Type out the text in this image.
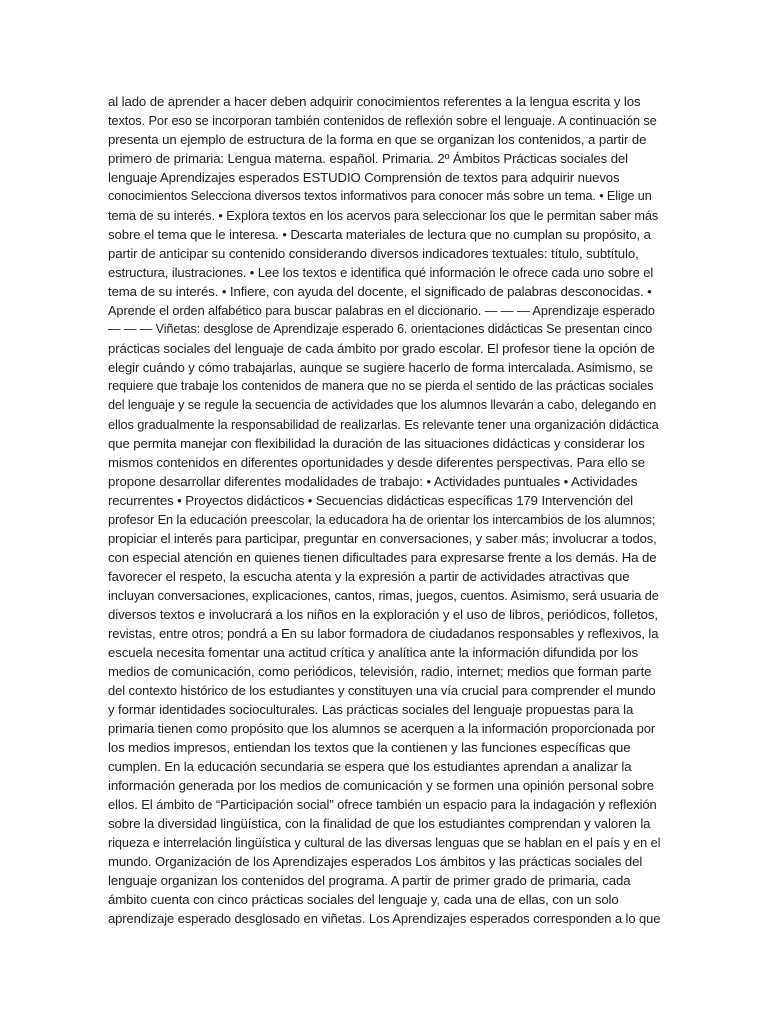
al lado de aprender a hacer deben adquirir conocimientos referentes a la lengua escrita y los
textos. Por eso se incorporan también contenidos de reflexión sobre el lenguaje. A continuación se
presenta un ejemplo de estructura de la forma en que se organizan los contenidos, a partir de
primero de primaria: Lengua materna. español. Primaria. 2º Ámbitos Prácticas sociales del
lenguaje Aprendizajes esperados ESTUDIO Comprensión de textos para adquirir nuevos
conocimientos Selecciona diversos textos informativos para conocer más sobre un tema. • Elige un
tema de su interés. • Explora textos en los acervos para seleccionar los que le permitan saber más
sobre el tema que le interesa. • Descarta materiales de lectura que no cumplan su propósito, a
partir de anticipar su contenido considerando diversos indicadores textuales: título, subtítulo,
estructura, ilustraciones. • Lee los textos e identifica qué información le ofrece cada uno sobre el
tema de su interés. • Infiere, con ayuda del docente, el significado de palabras desconocidas. •
Aprende el orden alfabético para buscar palabras en el diccionario. — — — Aprendizaje esperado
— — — Viñetas: desglose de Aprendizaje esperado 6. orientaciones didácticas Se presentan cinco
prácticas sociales del lenguaje de cada ámbito por grado escolar. El profesor tiene la opción de
elegir cuándo y cómo trabajarlas, aunque se sugiere hacerlo de forma intercalada. Asimismo, se
requiere que trabaje los contenidos de manera que no se pierda el sentido de las prácticas sociales
del lenguaje y se regule la secuencia de actividades que los alumnos llevarán a cabo, delegando en
ellos gradualmente la responsabilidad de realizarlas. Es relevante tener una organización didáctica
que permita manejar con flexibilidad la duración de las situaciones didácticas y considerar los
mismos contenidos en diferentes oportunidades y desde diferentes perspectivas. Para ello se
propone desarrollar diferentes modalidades de trabajo: • Actividades puntuales • Actividades
recurrentes • Proyectos didácticos • Secuencias didácticas específicas 179 Intervención del
profesor En la educación preescolar, la educadora ha de orientar los intercambios de los alumnos;
propiciar el interés para participar, preguntar en conversaciones, y saber más; involucrar a todos,
con especial atención en quienes tienen dificultades para expresarse frente a los demás. Ha de
favorecer el respeto, la escucha atenta y la expresión a partir de actividades atractivas que
incluyan conversaciones, explicaciones, cantos, rimas, juegos, cuentos. Asimismo, será usuaria de
diversos textos e involucrará a los niños en la exploración y el uso de libros, periódicos, folletos,
revistas, entre otros; pondrá a En su labor formadora de ciudadanos responsables y reflexivos, la
escuela necesita fomentar una actitud crítica y analítica ante la información difundida por los
medios de comunicación, como periódicos, televisión, radio, internet; medios que forman parte
del contexto histórico de los estudiantes y constituyen una vía crucial para comprender el mundo
y formar identidades socioculturales. Las prácticas sociales del lenguaje propuestas para la
primaria tienen como propósito que los alumnos se acerquen a la información proporcionada por
los medios impresos, entiendan los textos que la contienen y las funciones específicas que
cumplen. En la educación secundaria se espera que los estudiantes aprendan a analizar la
información generada por los medios de comunicación y se formen una opinión personal sobre
ellos. El ámbito de “Participación social” ofrece también un espacio para la indagación y reflexión
sobre la diversidad lingüística, con la finalidad de que los estudiantes comprendan y valoren la
riqueza e interrelación lingüística y cultural de las diversas lenguas que se hablan en el país y en el
mundo. Organización de los Aprendizajes esperados Los ámbitos y las prácticas sociales del
lenguaje organizan los contenidos del programa. A partir de primer grado de primaria, cada
ámbito cuenta con cinco prácticas sociales del lenguaje y, cada una de ellas, con un solo
aprendizaje esperado desglosado en viñetas. Los Aprendizajes esperados corresponden a lo que
